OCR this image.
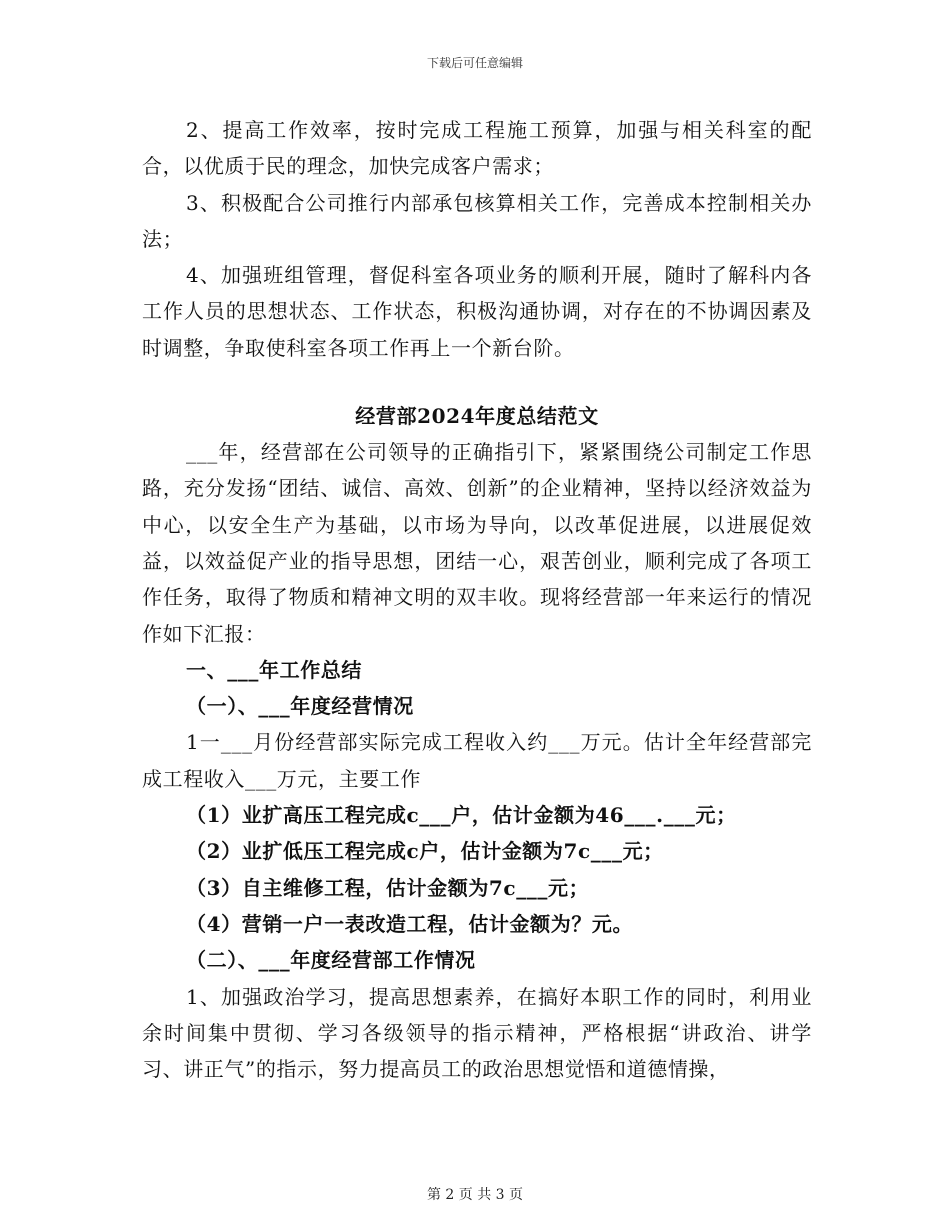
下载后可任意编辑

2、提高工作效率，按时完成工程施工预算，加强与相关科室的配合，以优质于民的理念，加快完成客户需求；

3、积极配合公司推行内部承包核算相关工作，完善成本控制相关办法；

4、加强班组管理，督促科室各项业务的顺利开展，随时了解科内各工作人员的思想状态、工作状态，积极沟通协调，对存在的不协调因素及时调整，争取使科室各项工作再上一个新台阶。

经营部2024年度总结范文

___年，经营部在公司领导的正确指引下，紧紧围绕公司制定工作思路，充分发扬“团结、诚信、高效、创新”的企业精神，坚持以经济效益为中心，以安全生产为基础，以市场为导向，以改革促进展，以进展促效益，以效益促产业的指导思想，团结一心，艰苦创业，顺利完成了各项工作任务，取得了物质和精神文明的双丰收。现将经营部一年来运行的情况作如下汇报：

一、___年工作总结

（一）、___年度经营情况

1一___月份经营部实际完成工程收入约___万元。估计全年经营部完成工程收入___万元，主要工作

（1）业扩高压工程完成c___户，估计金额为46___.___元；

（2）业扩低压工程完成c户，估计金额为7c___元；

（3）自主维修工程，估计金额为7c___元；

（4）营销一户一表改造工程，估计金额为？元。

（二）、___年度经营部工作情况

1、加强政治学习，提高思想素养，在搞好本职工作的同时，利用业余时间集中贯彻、学习各级领导的指示精神，严格根据“讲政治、讲学习、讲正气”的指示，努力提高员工的政治思想觉悟和道德情操，

第 2 页 共 3 页
